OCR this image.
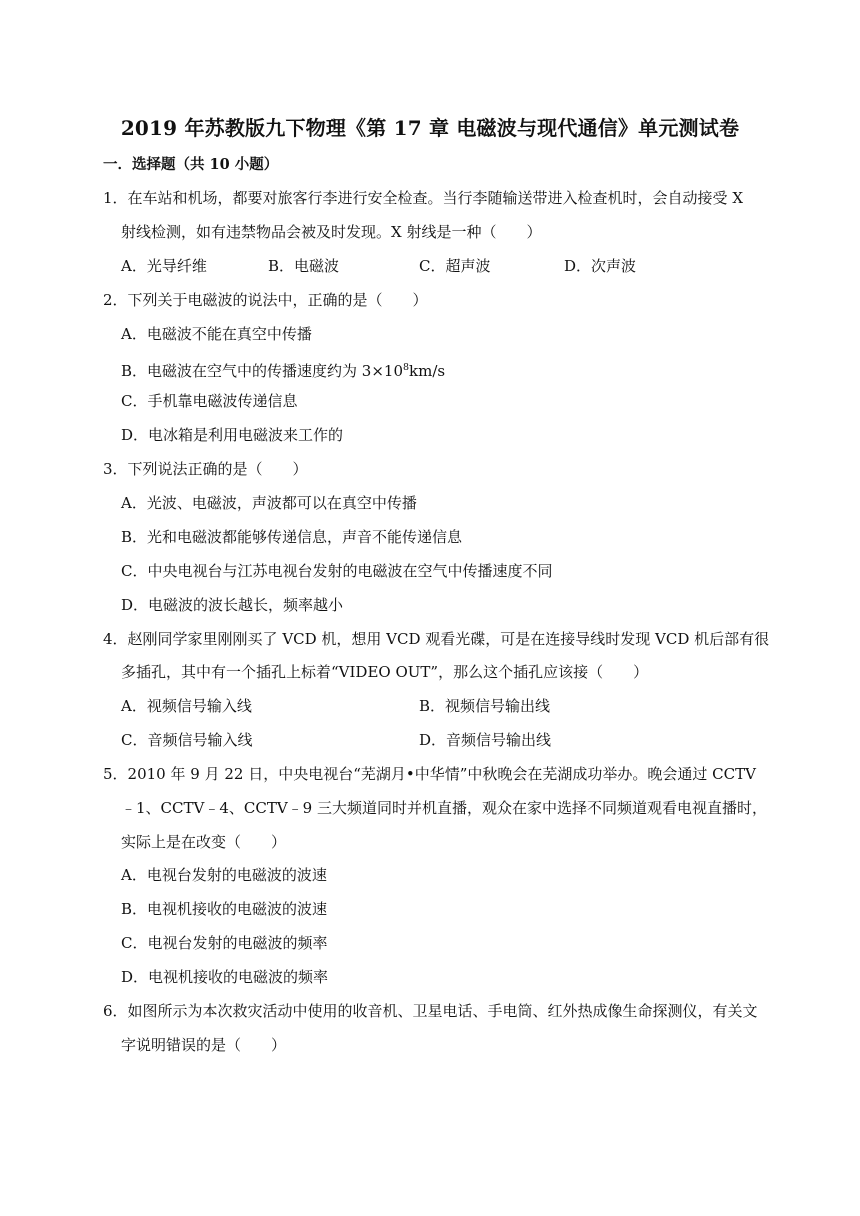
2019 年苏教版九下物理《第 17 章 电磁波与现代通信》单元测试卷
一．选择题（共 10 小题）
1．在车站和机场，都要对旅客行李进行安全检查。当行李随输送带进入检查机时，会自动接受 X
射线检测，如有违禁物品会被及时发现。X 射线是一种（　　）
A．光导纤维	B．电磁波	C．超声波	D．次声波
2．下列关于电磁波的说法中，正确的是（　　）
A．电磁波不能在真空中传播
B．电磁波在空气中的传播速度约为 $3\times 10^8km/s$
C．手机靠电磁波传递信息
D．电冰箱是利用电磁波来工作的
3．下列说法正确的是（　　）
A．光波、电磁波，声波都可以在真空中传播
B．光和电磁波都能够传递信息，声音不能传递信息
C．中央电视台与江苏电视台发射的电磁波在空气中传播速度不同
D．电磁波的波长越长，频率越小
4．赵刚同学家里刚刚买了 VCD 机，想用 VCD 观看光碟，可是在连接导线时发现 VCD 机后部有很
多插孔，其中有一个插孔上标着“VIDEO OUT”，那么这个插孔应该接（　　）
A．视频信号输入线	B．视频信号输出线
C．音频信号输入线	D．音频信号输出线
5．2010 年 9 月 22 日，中央电视台“芜湖月•中华情”中秋晚会在芜湖成功举办。晚会通过 CCTV
﹣1、CCTV﹣4、CCTV﹣9 三大频道同时并机直播，观众在家中选择不同频道观看电视直播时，
实际上是在改变（　　）
A．电视台发射的电磁波的波速
B．电视机接收的电磁波的波速
C．电视台发射的电磁波的频率
D．电视机接收的电磁波的频率
6．如图所示为本次救灾活动中使用的收音机、卫星电话、手电筒、红外热成像生命探测仪，有关文
字说明错误的是（　　）
